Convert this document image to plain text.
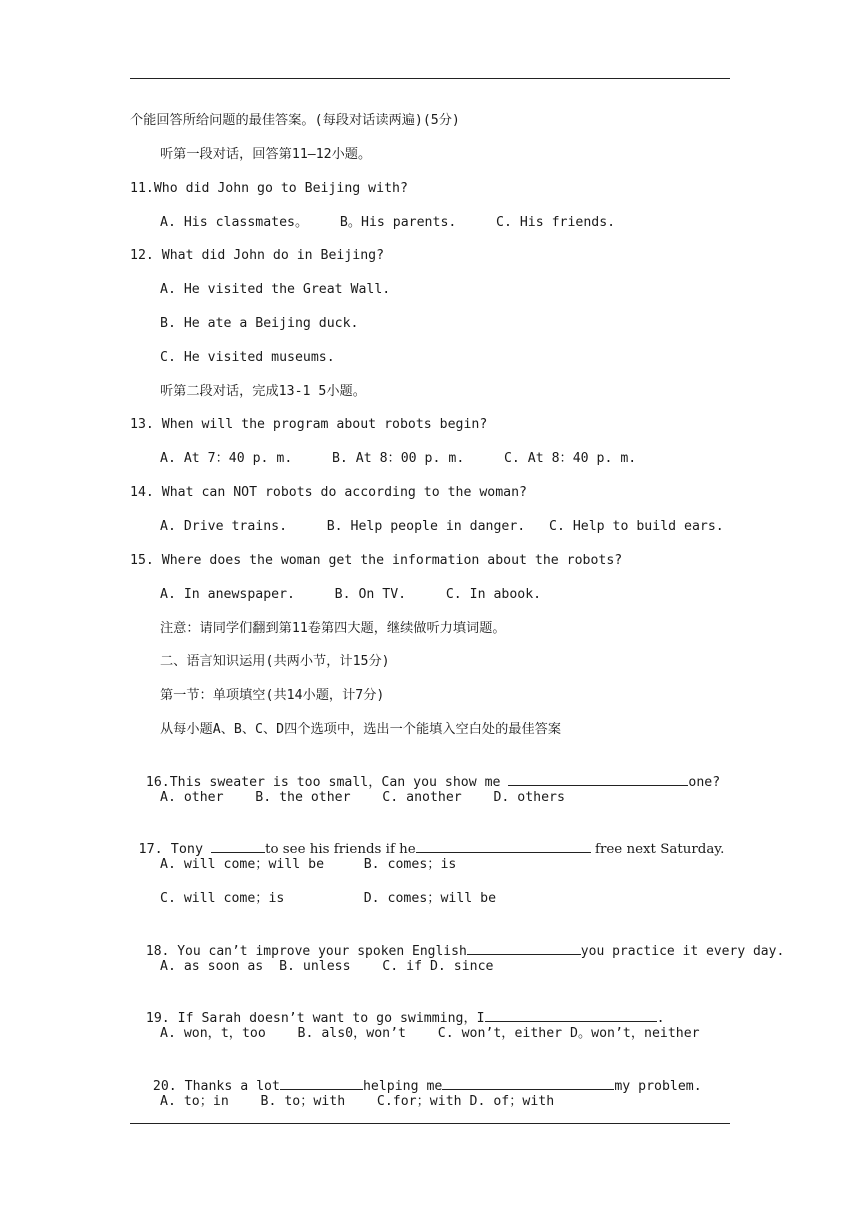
个能回答所给问题的最佳答案。(每段对话读两遍)(5分)
听第一段对话，回答第11—12小题。
11.Who did John go to Beijing with?
A. His classmates。    B。His parents.     C. His friends.
12. What did John do in Beijing?
A. He visited the Great Wall.
B. He ate a Beijing duck.
C. He visited museums.
听第二段对话，完成13-1 5小题。
13. When will the program about robots begin?
A. At 7：40 p. m.     B. At 8：00 p. m.     C. At 8：40 p. m.
14. What can NOT robots do according to the woman?
A. Drive trains.     B. Help people in danger.   C. Help to build ears.
15. Where does the woman get the information about the robots?
A. In anewspaper.     B. On TV.     C. In abook.
注意：请同学们翻到第11卷第四大题，继续做听力填词题。
二、语言知识运用(共两小节，计15分)
第一节：单项填空(共14小题，计7分)
从每小题A、B、C、D四个选项中，选出一个能填入空白处的最佳答案

16.This sweater is too small，Can you show me	one?

A. other    B. the other    C. another    D. others

17. Tony	to see his friends if he	free next Saturday.

A. will come；will be     B. comes；is
C. will come；is          D. comes；will be

18. You can’t improve your spoken English	you practice it every day.

A. as soon as  B. unless    C. if D. since

19. If Sarah doesn’t want to go swimming，I	.

A. won，t，too    B. als0，won’t    C. won’t，either D。won’t，neither

20. Thanks a lot	helping me	my problem.

A. to；in    B. to；with    C.for；with D. of；with
